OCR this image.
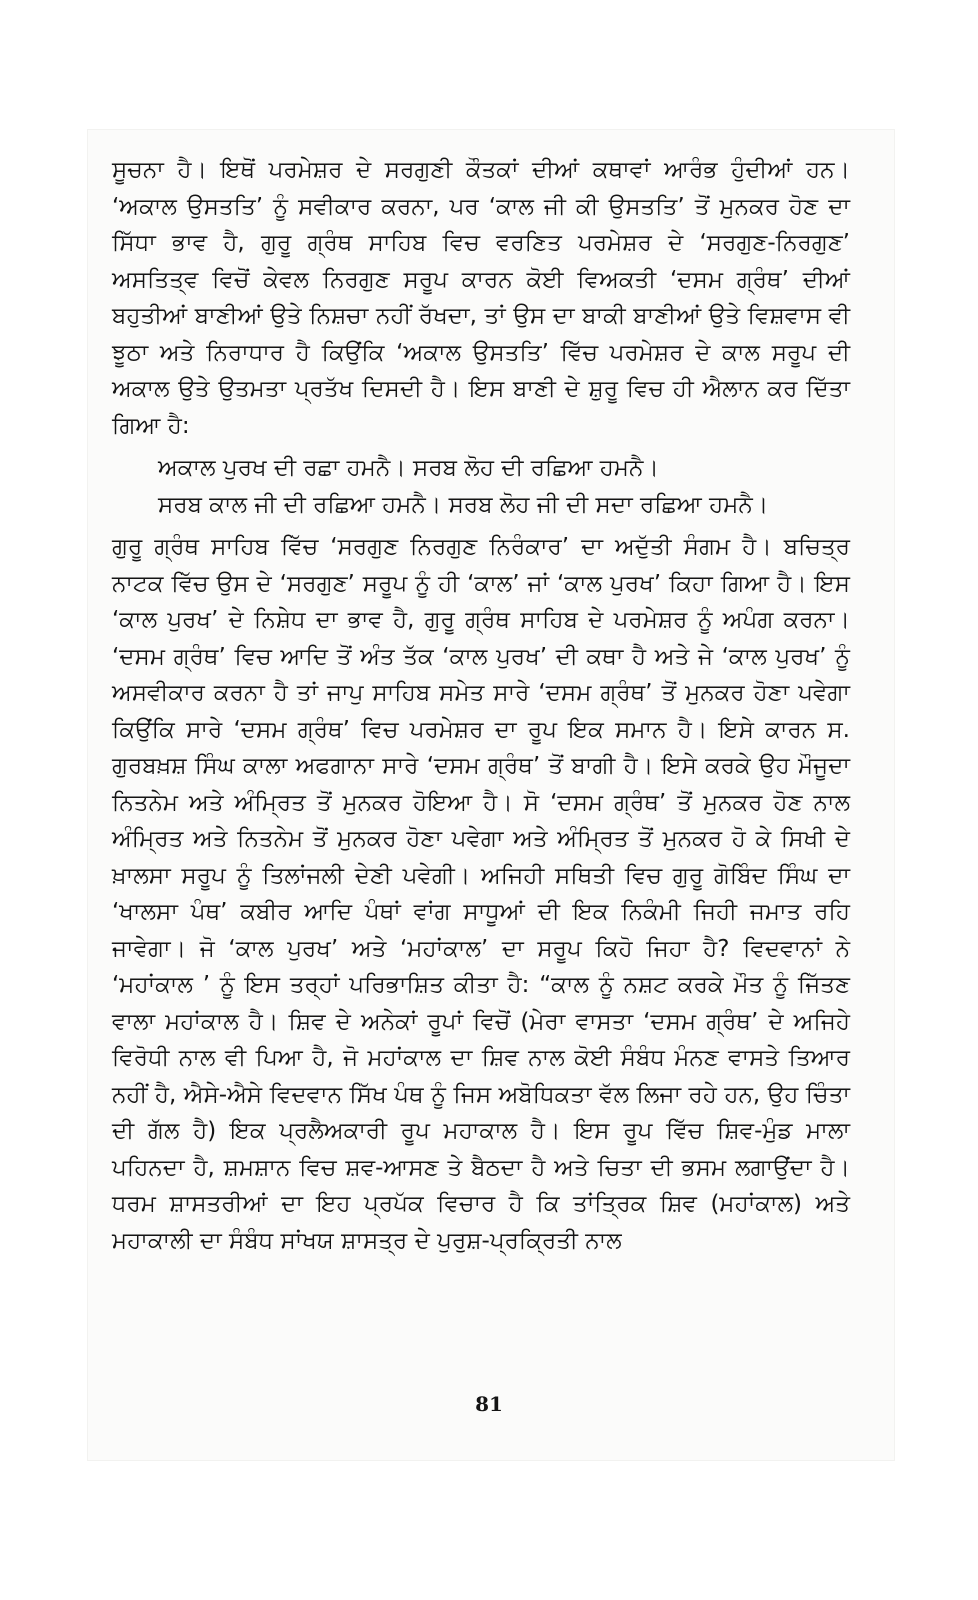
ਸੂਚਨਾ ਹੈ। ਇਥੋਂ ਪਰਮੇਸ਼ਰ ਦੇ ਸਰਗੁਣੀ ਕੌਤਕਾਂ ਦੀਆਂ ਕਥਾਵਾਂ ਆਰੰਭ ਹੁੰਦੀਆਂ ਹਨ। ‘ਅਕਾਲ ਉਸਤਤਿ’ ਨੂੰ ਸਵੀਕਾਰ ਕਰਨਾ, ਪਰ ‘ਕਾਲ ਜੀ ਕੀ ਉਸਤਤਿ’ ਤੋਂ ਮੁਨਕਰ ਹੋਣ ਦਾ ਸਿੱਧਾ ਭਾਵ ਹੈ, ਗੁਰੂ ਗ੍ਰੰਥ ਸਾਹਿਬ ਵਿਚ ਵਰਣਿਤ ਪਰਮੇਸ਼ਰ ਦੇ ‘ਸਰਗੁਣ-ਨਿਰਗੁਣ’ ਅਸਤਿਤ੍ਵ ਵਿਚੋਂ ਕੇਵਲ ਨਿਰਗੁਣ ਸਰੂਪ ਕਾਰਨ ਕੋਈ ਵਿਅਕਤੀ ‘ਦਸਮ ਗ੍ਰੰਥ’ ਦੀਆਂ ਬਹੁਤੀਆਂ ਬਾਣੀਆਂ ਉਤੇ ਨਿਸ਼ਚਾ ਨਹੀਂ ਰੱਖਦਾ, ਤਾਂ ਉਸ ਦਾ ਬਾਕੀ ਬਾਣੀਆਂ ਉਤੇ ਵਿਸ਼ਵਾਸ ਵੀ ਝੂਠਾ ਅਤੇ ਨਿਰਾਧਾਰ ਹੈ ਕਿਉਂਕਿ ‘ਅਕਾਲ ਉਸਤਤਿ’ ਵਿੱਚ ਪਰਮੇਸ਼ਰ ਦੇ ਕਾਲ ਸਰੂਪ ਦੀ ਅਕਾਲ ਉਤੇ ਉਤਮਤਾ ਪ੍ਰਤੱਖ ਦਿਸਦੀ ਹੈ। ਇਸ ਬਾਣੀ ਦੇ ਸ਼ੁਰੂ ਵਿਚ ਹੀ ਐਲਾਨ ਕਰ ਦਿੱਤਾ ਗਿਆ ਹੈ:

ਅਕਾਲ ਪੁਰਖ ਦੀ ਰਛਾ ਹਮਨੈ। ਸਰਬ ਲੋਹ ਦੀ ਰਛਿਆ ਹਮਨੈ।
ਸਰਬ ਕਾਲ ਜੀ ਦੀ ਰਛਿਆ ਹਮਨੈ। ਸਰਬ ਲੋਹ ਜੀ ਦੀ ਸਦਾ ਰਛਿਆ ਹਮਨੈ।

ਗੁਰੂ ਗ੍ਰੰਥ ਸਾਹਿਬ ਵਿੱਚ ‘ਸਰਗੁਣ ਨਿਰਗੁਣ ਨਿਰੰਕਾਰ’ ਦਾ ਅਦੁੱਤੀ ਸੰਗਮ ਹੈ। ਬਚਿਤ੍ਰ ਨਾਟਕ ਵਿੱਚ ਉਸ ਦੇ ‘ਸਰਗੁਣ’ ਸਰੂਪ ਨੂੰ ਹੀ ‘ਕਾਲ’ ਜਾਂ ‘ਕਾਲ ਪੁਰਖ’ ਕਿਹਾ ਗਿਆ ਹੈ। ਇਸ ‘ਕਾਲ ਪੁਰਖ’ ਦੇ ਨਿਸ਼ੇਧ ਦਾ ਭਾਵ ਹੈ, ਗੁਰੂ ਗ੍ਰੰਥ ਸਾਹਿਬ ਦੇ ਪਰਮੇਸ਼ਰ ਨੂੰ ਅਪੰਗ ਕਰਨਾ। ‘ਦਸਮ ਗ੍ਰੰਥ’ ਵਿਚ ਆਦਿ ਤੋਂ ਅੰਤ ਤੱਕ ‘ਕਾਲ ਪੁਰਖ’ ਦੀ ਕਥਾ ਹੈ ਅਤੇ ਜੇ ‘ਕਾਲ ਪੁਰਖ’ ਨੂੰ ਅਸਵੀਕਾਰ ਕਰਨਾ ਹੈ ਤਾਂ ਜਾਪੁ ਸਾਹਿਬ ਸਮੇਤ ਸਾਰੇ ‘ਦਸਮ ਗ੍ਰੰਥ’ ਤੋਂ ਮੁਨਕਰ ਹੋਣਾ ਪਵੇਗਾ ਕਿਉਂਕਿ ਸਾਰੇ ‘ਦਸਮ ਗ੍ਰੰਥ’ ਵਿਚ ਪਰਮੇਸ਼ਰ ਦਾ ਰੂਪ ਇਕ ਸਮਾਨ ਹੈ। ਇਸੇ ਕਾਰਨ ਸ. ਗੁਰਬਖ਼ਸ਼ ਸਿੰਘ ਕਾਲਾ ਅਫਗਾਨਾ ਸਾਰੇ ‘ਦਸਮ ਗ੍ਰੰਥ’ ਤੋਂ ਬਾਗੀ ਹੈ। ਇਸੇ ਕਰਕੇ ਉਹ ਮੌਜੂਦਾ ਨਿਤਨੇਮ ਅਤੇ ਅੰਮ੍ਰਿਤ ਤੋਂ ਮੁਨਕਰ ਹੋਇਆ ਹੈ। ਸੋ ‘ਦਸਮ ਗ੍ਰੰਥ’ ਤੋਂ ਮੁਨਕਰ ਹੋਣ ਨਾਲ ਅੰਮ੍ਰਿਤ ਅਤੇ ਨਿਤਨੇਮ ਤੋਂ ਮੁਨਕਰ ਹੋਣਾ ਪਵੇਗਾ ਅਤੇ ਅੰਮ੍ਰਿਤ ਤੋਂ ਮੁਨਕਰ ਹੋ ਕੇ ਸਿਖੀ ਦੇ ਖ਼ਾਲਸਾ ਸਰੂਪ ਨੂੰ ਤਿਲਾਂਜਲੀ ਦੇਣੀ ਪਵੇਗੀ। ਅਜਿਹੀ ਸਥਿਤੀ ਵਿਚ ਗੁਰੂ ਗੋਬਿੰਦ ਸਿੰਘ ਦਾ ‘ਖਾਲਸਾ ਪੰਥ’ ਕਬੀਰ ਆਦਿ ਪੰਥਾਂ ਵਾਂਗ ਸਾਧੂਆਂ ਦੀ ਇਕ ਨਿਕੰਮੀ ਜਿਹੀ ਜਮਾਤ ਰਹਿ ਜਾਵੇਗਾ। ਜੋ ‘ਕਾਲ ਪੁਰਖ’ ਅਤੇ ‘ਮਹਾਂਕਾਲ’ ਦਾ ਸਰੂਪ ਕਿਹੋ ਜਿਹਾ ਹੈ? ਵਿਦਵਾਨਾਂ ਨੇ ‘ਮਹਾਂਕਾਲ ’ ਨੂੰ ਇਸ ਤਰ੍ਹਾਂ ਪਰਿਭਾਸ਼ਿਤ ਕੀਤਾ ਹੈ: “ਕਾਲ ਨੂੰ ਨਸ਼ਟ ਕਰਕੇ ਮੌਤ ਨੂੰ ਜਿੱਤਣ ਵਾਲਾ ਮਹਾਂਕਾਲ ਹੈ। ਸ਼ਿਵ ਦੇ ਅਨੇਕਾਂ ਰੂਪਾਂ ਵਿਚੋਂ (ਮੇਰਾ ਵਾਸਤਾ ‘ਦਸਮ ਗ੍ਰੰਥ’ ਦੇ ਅਜਿਹੇ ਵਿਰੋਧੀ ਨਾਲ ਵੀ ਪਿਆ ਹੈ, ਜੋ ਮਹਾਂਕਾਲ ਦਾ ਸ਼ਿਵ ਨਾਲ ਕੋਈ ਸੰਬੰਧ ਮੰਨਣ ਵਾਸਤੇ ਤਿਆਰ ਨਹੀਂ ਹੈ, ਐਸੇ-ਐਸੇ ਵਿਦਵਾਨ ਸਿੱਖ ਪੰਥ ਨੂੰ ਜਿਸ ਅਬੋਧਿਕਤਾ ਵੱਲ ਲਿਜਾ ਰਹੇ ਹਨ, ਉਹ ਚਿੰਤਾ ਦੀ ਗੱਲ ਹੈ) ਇਕ ਪ੍ਰਲੈਅਕਾਰੀ ਰੂਪ ਮਹਾਕਾਲ ਹੈ। ਇਸ ਰੂਪ ਵਿੱਚ ਸ਼ਿਵ-ਮੁੰਡ ਮਾਲਾ ਪਹਿਨਦਾ ਹੈ, ਸ਼ਮਸ਼ਾਨ ਵਿਚ ਸ਼ਵ-ਆਸਣ ਤੇ ਬੈਠਦਾ ਹੈ ਅਤੇ ਚਿਤਾ ਦੀ ਭਸਮ ਲਗਾਉਂਦਾ ਹੈ। ਧਰਮ ਸ਼ਾਸਤਰੀਆਂ ਦਾ ਇਹ ਪ੍ਰਪੱਕ ਵਿਚਾਰ ਹੈ ਕਿ ਤਾਂਤ੍ਰਿਕ ਸ਼ਿਵ (ਮਹਾਂਕਾਲ) ਅਤੇ ਮਹਾਕਾਲੀ ਦਾ ਸੰਬੰਧ ਸਾਂਖਯ ਸ਼ਾਸਤ੍ਰ ਦੇ ਪੁਰੁਸ਼-ਪ੍ਰਕ੍ਰਿਤੀ ਨਾਲ

81
